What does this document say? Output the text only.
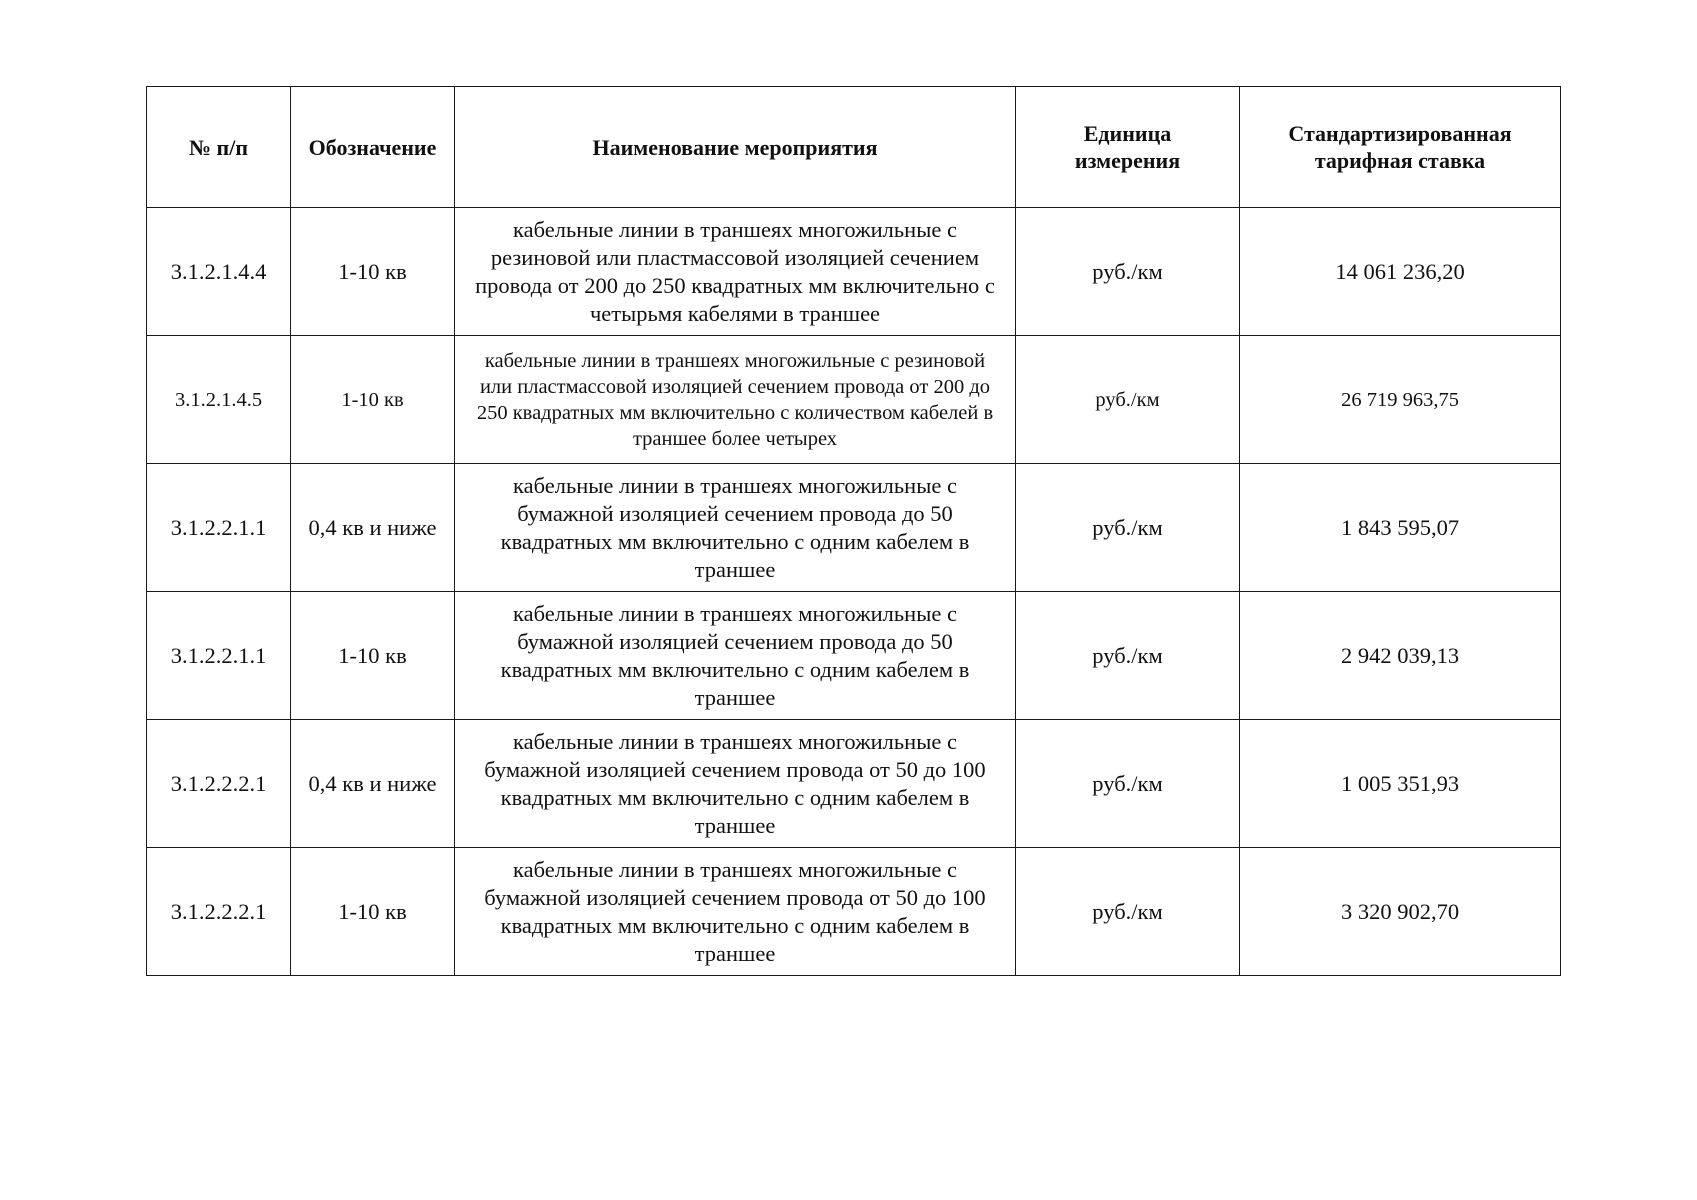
№ п/п	Обозначение	Наименование мероприятия	Единица измерения	Стандартизированная тарифная ставка
3.1.2.1.4.4	1-10 кв	кабельные линии в траншеях многожильные с резиновой или пластмассовой изоляцией сечением провода от 200 до 250 квадратных мм включительно с четырьмя кабелями в траншее	руб./км	14 061 236,20
3.1.2.1.4.5	1-10 кв	кабельные линии в траншеях многожильные с резиновой или пластмассовой изоляцией сечением провода от 200 до 250 квадратных мм включительно с количеством кабелей в траншее более четырех	руб./км	26 719 963,75
3.1.2.2.1.1	0,4 кв и ниже	кабельные линии в траншеях многожильные с бумажной изоляцией сечением провода до 50 квадратных мм включительно с одним кабелем в траншее	руб./км	1 843 595,07
3.1.2.2.1.1	1-10 кв	кабельные линии в траншеях многожильные с бумажной изоляцией сечением провода до 50 квадратных мм включительно с одним кабелем в траншее	руб./км	2 942 039,13
3.1.2.2.2.1	0,4 кв и ниже	кабельные линии в траншеях многожильные с бумажной изоляцией сечением провода от 50 до 100 квадратных мм включительно с одним кабелем в траншее	руб./км	1 005 351,93
3.1.2.2.2.1	1-10 кв	кабельные линии в траншеях многожильные с бумажной изоляцией сечением провода от 50 до 100 квадратных мм включительно с одним кабелем в траншее	руб./км	3 320 902,70
